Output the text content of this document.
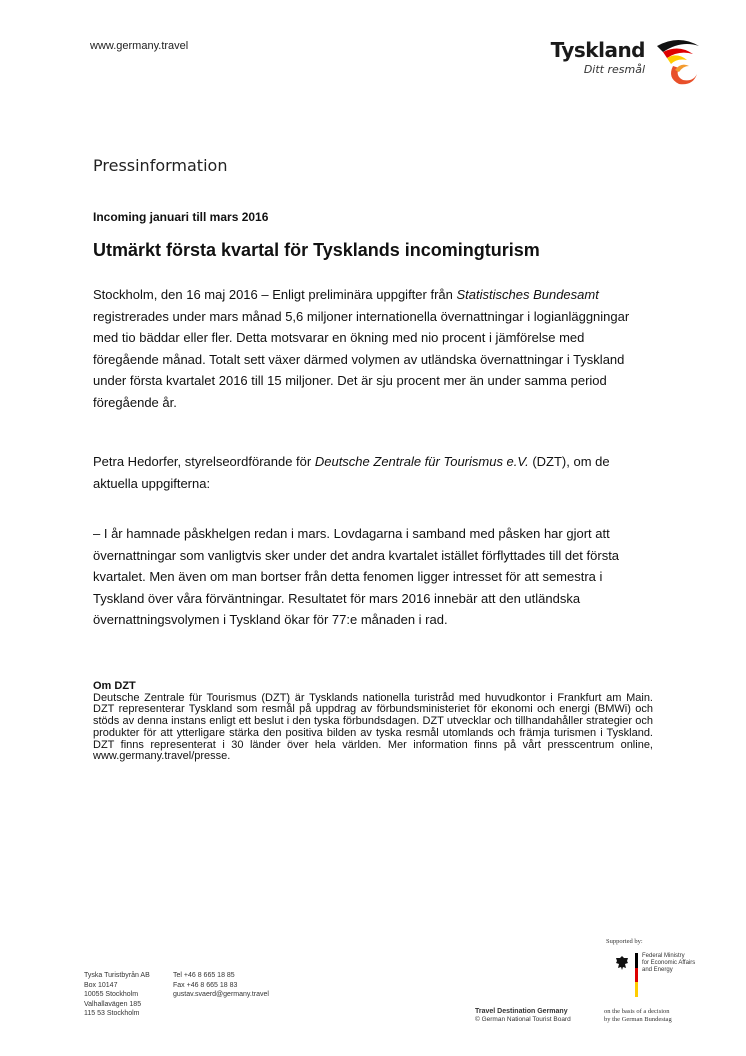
www.germany.travel	Tyskland
Ditt resmål
Pressinformation
Incoming januari till mars 2016
Utmärkt första kvartal för Tysklands incomingturism

Stockholm, den 16 maj 2016 – Enligt preliminära uppgifter från Statistisches Bundesamt registrerades under mars månad 5,6 miljoner internationella övernattningar i logianläggningar med tio bäddar eller fler. Detta motsvarar en ökning med nio procent i jämförelse med föregående månad. Totalt sett växer därmed volymen av utländska övernattningar i Tyskland under första kvartalet 2016 till 15 miljoner. Det är sju procent mer än under samma period föregående år.

Petra Hedorfer, styrelseordförande för Deutsche Zentrale für Tourismus e.V. (DZT), om de aktuella uppgifterna:

– I år hamnade påskhelgen redan i mars. Lovdagarna i samband med påsken har gjort att övernattningar som vanligtvis sker under det andra kvartalet istället förflyttades till det första kvartalet. Men även om man bortser från detta fenomen ligger intresset för att semestra i Tyskland över våra förväntningar. Resultatet för mars 2016 innebär att den utländska övernattningsvolymen i Tyskland ökar för 77:e månaden i rad.

Om DZT

Deutsche Zentrale für Tourismus (DZT) är Tysklands nationella turistråd med huvudkontor i Frankfurt am Main. DZT representerar Tyskland som resmål på uppdrag av förbundsministeriet för ekonomi och energi (BMWi) och stöds av denna instans enligt ett beslut i den tyska förbundsdagen. DZT utvecklar och tillhandahåller strategier och produkter för att ytterligare stärka den positiva bilden av tyska resmål utomlands och främja turismen i Tyskland. DZT finns representerat i 30 länder över hela världen. Mer information finns på vårt presscentrum online, www.germany.travel/presse.

Tyska Turistbyrån AB
Box 10147
10055 Stockholm
Valhallavägen 185
115 53 Stockholm
Tel +46 8 665 18 85
Fax +46 8 665 18 83
gustav.svaerd@germany.travel
Travel Destination Germany
© German National Tourist Board
Supported by:
Federal Ministry
for Economic Affairs
and Energy
on the basis of a decision
by the German Bundestag
